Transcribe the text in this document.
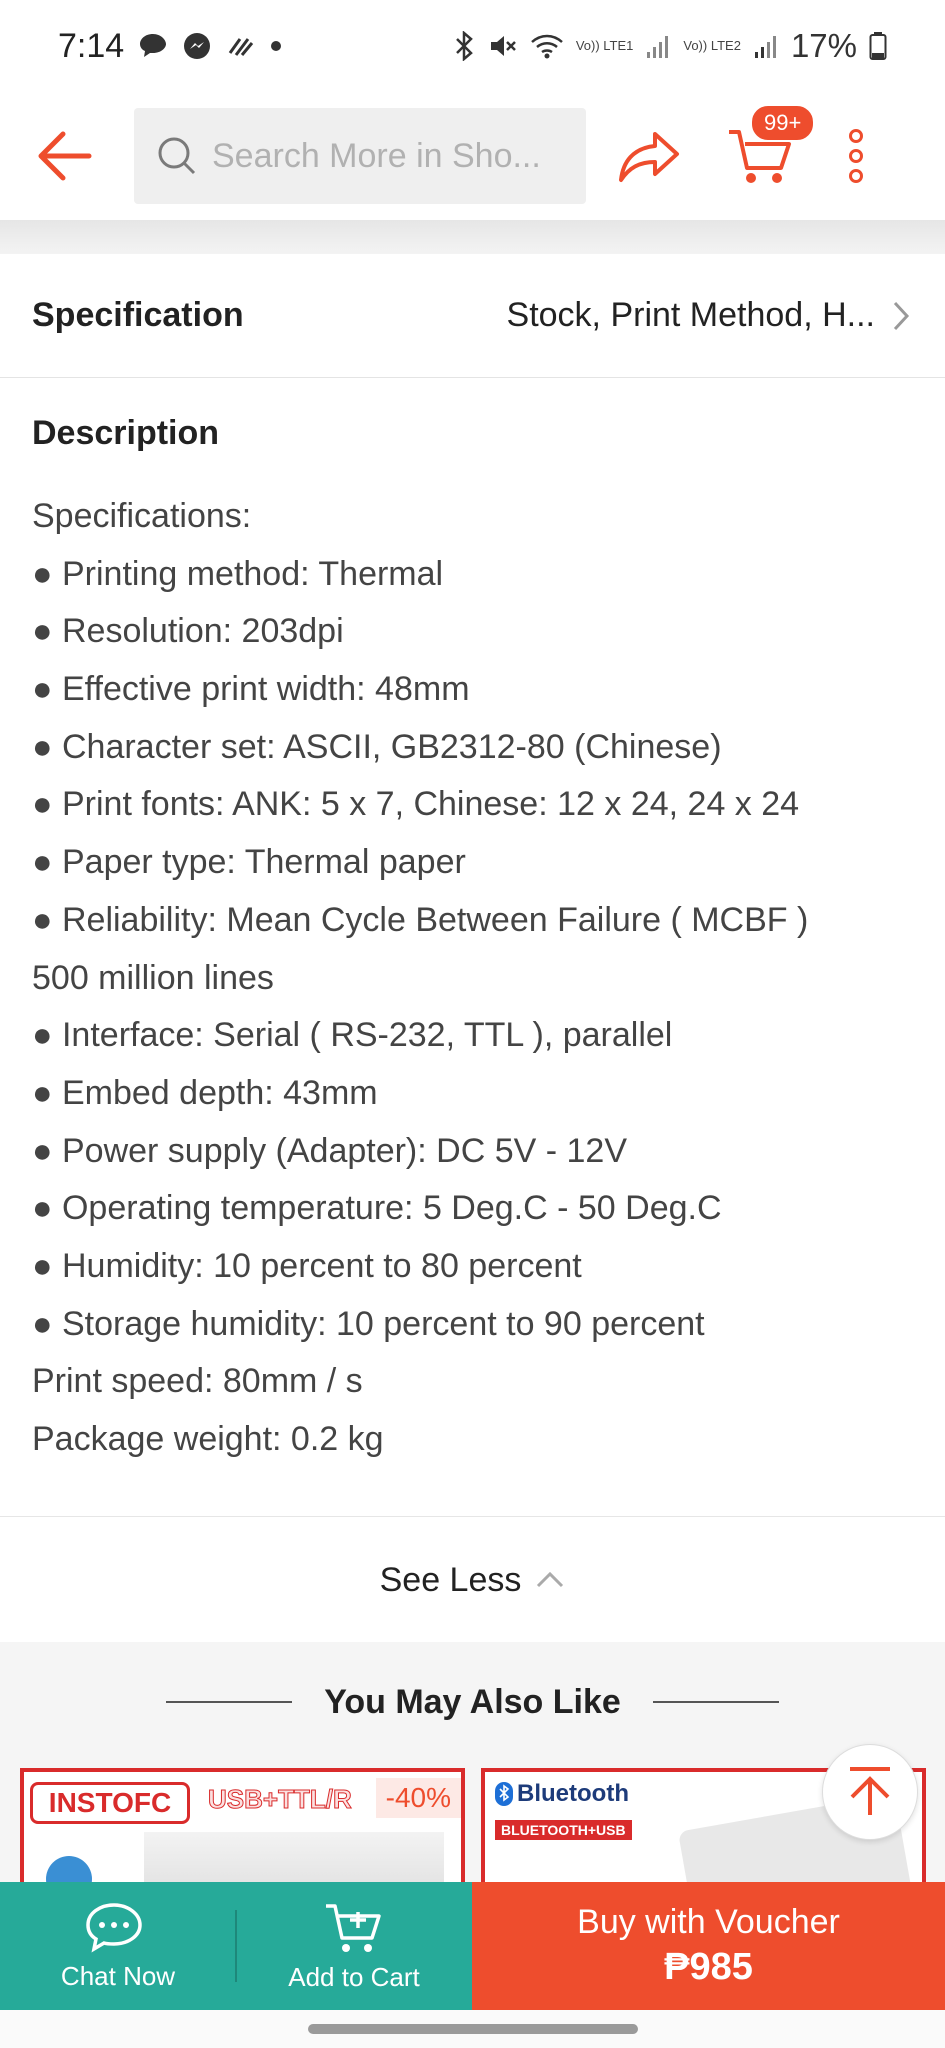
7:14	Vo)) LTE1	Vo)) LTE2 17%
Search More in Sho...
99+
Specification	Stock, Print Method, H...
Description
Specifications:
● Printing method: Thermal
● Resolution: 203dpi
● Effective print width: 48mm
● Character set: ASCII, GB2312-80 (Chinese)
● Print fonts: ANK: 5 x 7, Chinese: 12 x 24, 24 x 24
● Paper type: Thermal paper
● Reliability: Mean Cycle Between Failure ( MCBF )
500 million lines
● Interface: Serial ( RS-232, TTL ), parallel
● Embed depth: 43mm
● Power supply (Adapter): DC 5V - 12V
● Operating temperature: 5 Deg.C - 50 Deg.C
● Humidity: 10 percent to 80 percent
● Storage humidity: 10 percent to 90 percent
Print speed: 80mm / s
Package weight: 0.2 kg
See Less
You May Also Like
INSTOFC	USB+TTL/R	-40%	Bluetooth
BLUETOOTH+USB
Chat Now	Add to Cart
Buy with Voucher
₱985
